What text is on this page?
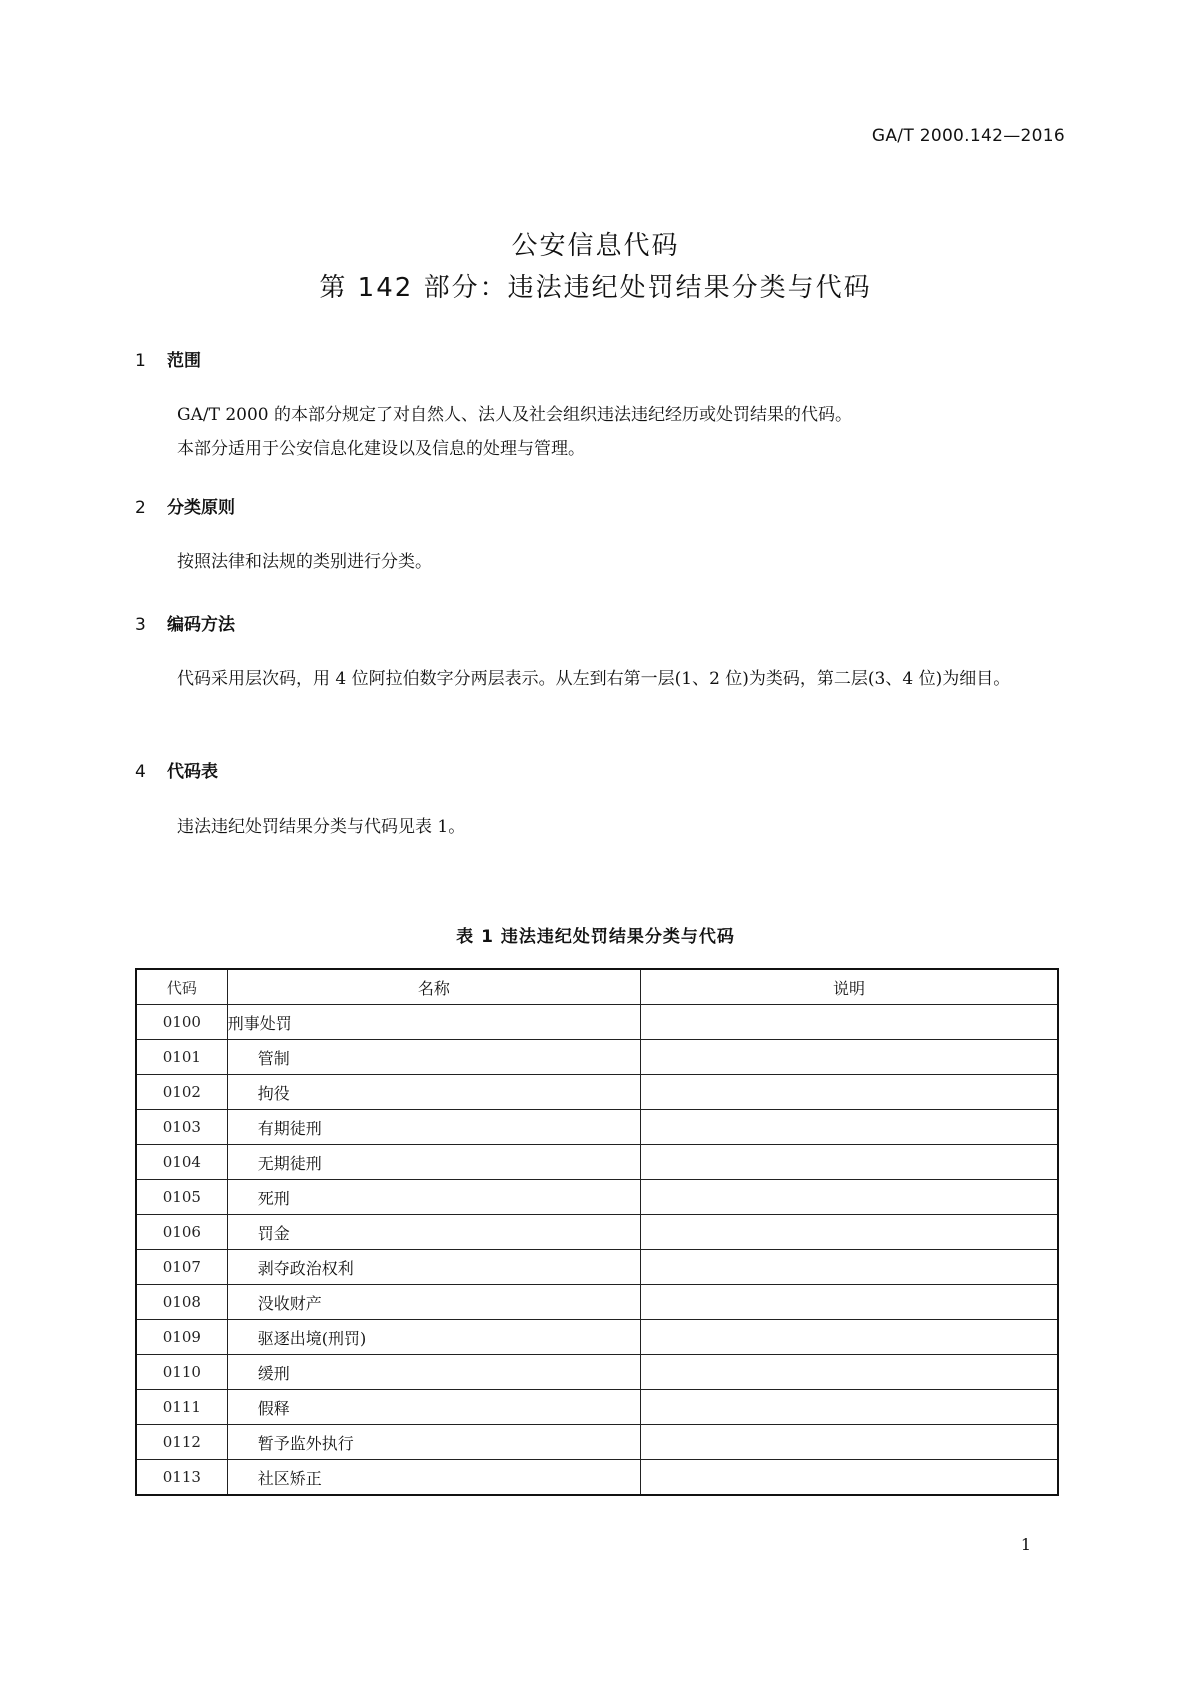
GA/T 2000.142—2016
公安信息代码
第 142 部分：违法违纪处罚结果分类与代码
1 范围
GA/T 2000 的本部分规定了对自然人、法人及社会组织违法违纪经历或处罚结果的代码。
本部分适用于公安信息化建设以及信息的处理与管理。
2 分类原则
按照法律和法规的类别进行分类。
3 编码方法
代码采用层次码，用 4 位阿拉伯数字分两层表示。从左到右第一层(1、2 位)为类码，第二层(3、4 位)为细目。
4 代码表
违法违纪处罚结果分类与代码见表 1。
表 1 违法违纪处罚结果分类与代码
代码	名称	说明
0100	刑事处罚	
0101	管制	
0102	拘役	
0103	有期徒刑	
0104	无期徒刑	
0105	死刑	
0106	罚金	
0107	剥夺政治权利	
0108	没收财产	
0109	驱逐出境(刑罚)	
0110	缓刑	
0111	假释	
0112	暂予监外执行	
0113	社区矫正	
1
